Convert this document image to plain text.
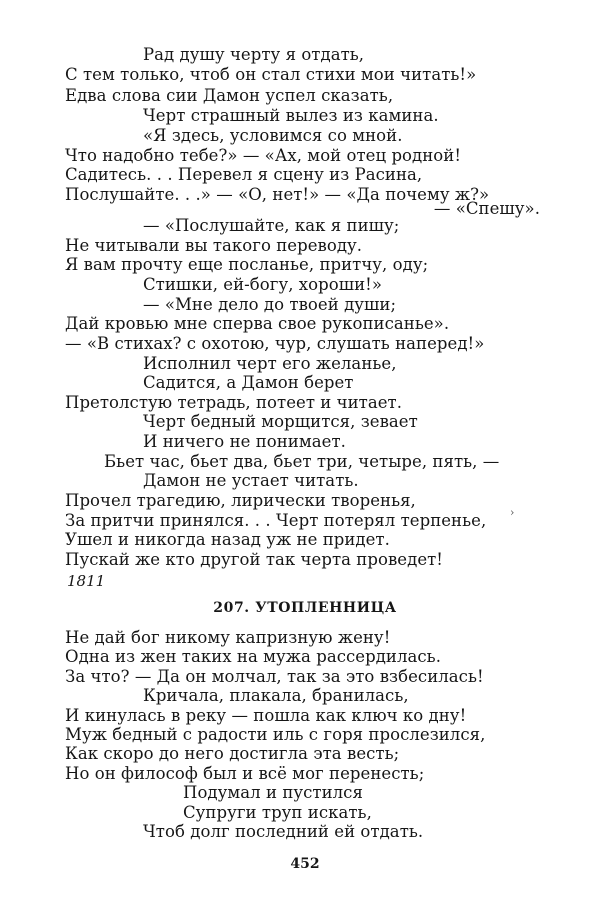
Рад душу черту я отдать,
С тем только, чтоб он стал стихи мои читать!»
Едва слова сии Дамон успел сказать,
Черт страшный вылез из камина.
«Я здесь, условимся со мной.
Что надобно тебе?» — «Ах, мой отец родной!
Садитесь. . . Перевел я сцену из Расина,
Послушайте. . .» — «О, нет!» — «Да почему ж?»
— «Спешу».
— «Послушайте, как я пишу;
Не читывали вы такого переводу.
Я вам прочту еще посланье, притчу, оду;
Стишки, ей-богу, хороши!»
— «Мне дело до твоей души;
Дай кровью мне сперва свое рукописанье».
— «В стихах? с охотою, чур, слушать наперед!»
Исполнил черт его желанье,
Садится, а Дамон берет
Претолстую тетрадь, потеет и читает.
Черт бедный морщится, зевает
И ничего не понимает.
Бьет час, бьет два, бьет три, четыре, пять, —
Дамон не устает читать.
Прочел трагедию, лирически творенья,
За притчи принялся. . . Черт потерял терпенье,
Ушел и никогда назад уж не придет.
Пускай же кто другой так черта проведет!
›
1811
207. УТОПЛЕННИЦА
Не дай бог никому капризную жену!
Одна из жен таких на мужа рассердилась.
За что? — Да он молчал, так за это взбесилась!
Кричала, плакала, бранилась,
И кинулась в реку — пошла как ключ ко дну!
Муж бедный с радости иль с горя прослезился,
Как скоро до него достигла эта весть;
Но он философ был и всё мог перенесть;
Подумал и пустился
Супруги труп искать,
Чтоб долг последний ей отдать.
452
